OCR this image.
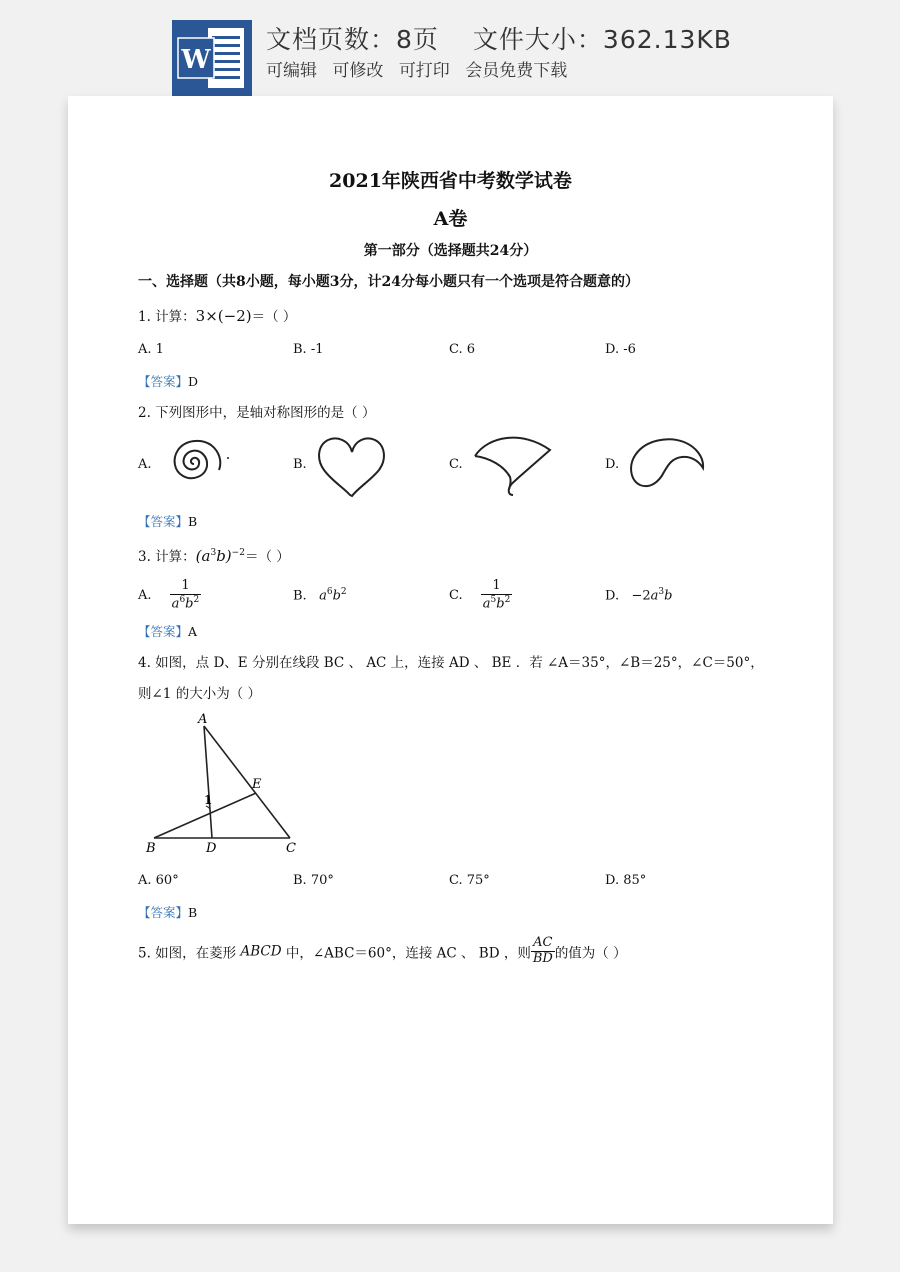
W
文档页数：8页 文件大小：362.13KB
可编辑 可修改 可打印 会员免费下载
2021年陕西省中考数学试卷
A卷
第一部分（选择题共24分）
一、选择题（共8小题，每小题3分，计24分每小题只有一个选项是符合题意的）
1. 计算：3×(−2)＝（ ）
A. 1	B. -1	C. 6	D. -6
【答案】D
2. 下列图形中，是轴对称图形的是（ ）
A.	B.	C.	D.
【答案】B
3. 计算：$(a^3b)^{-2}=$（ ）
A. $\frac{1}{a^6b^2}$	B. $a^6b^2$	C. $\frac{1}{a^5b^2}$	D.   $-2a^3b$
【答案】A
4. 如图，点 D、E 分别在线段 BC 、 AC 上，连接 AD 、 BE ．若 ∠A＝35°，∠B＝25°，∠C＝50°，
则∠1 的大小为（ ）
A
B	D	C
E
1
A. 60°	B. 70°	C. 75°	D. 85°
【答案】B
5. 如图，在菱形 ABCD 中，∠ABC＝60°，连接 AC 、 BD ，则 $\frac{AC}{BD}$ 的值为（ ）
